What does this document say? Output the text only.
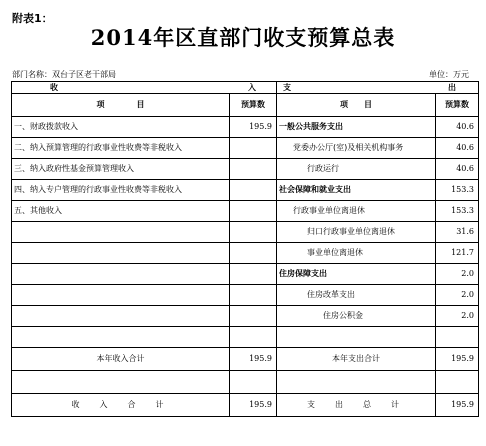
附表1：
2014年区直部门收支预算总表
部门名称：双台子区老干部局	单位：万元
收 入		支 出	

项　　　　目	预算数	项　　目	预算数
一、财政拨款收入	195.9	一般公共服务支出	40.6
二、纳入预算管理的行政事业性收费等非税收入		党委办公厅(室)及相关机构事务	40.6
三、纳入政府性基金预算管理收入		行政运行	40.6
四、纳入专户管理的行政事业性收费等非税收入		社会保障和就业支出	153.3
五、其他收入		行政事业单位离退休	153.3
		归口行政事业单位离退休	31.6
		事业单位离退休	121.7
		住房保障支出	2.0
		住房改革支出	2.0
		住房公积金	2.0

本年收入合计	195.9	本年支出合计	195.9

收　入　合　计	195.9	支　出　总　计	195.9
